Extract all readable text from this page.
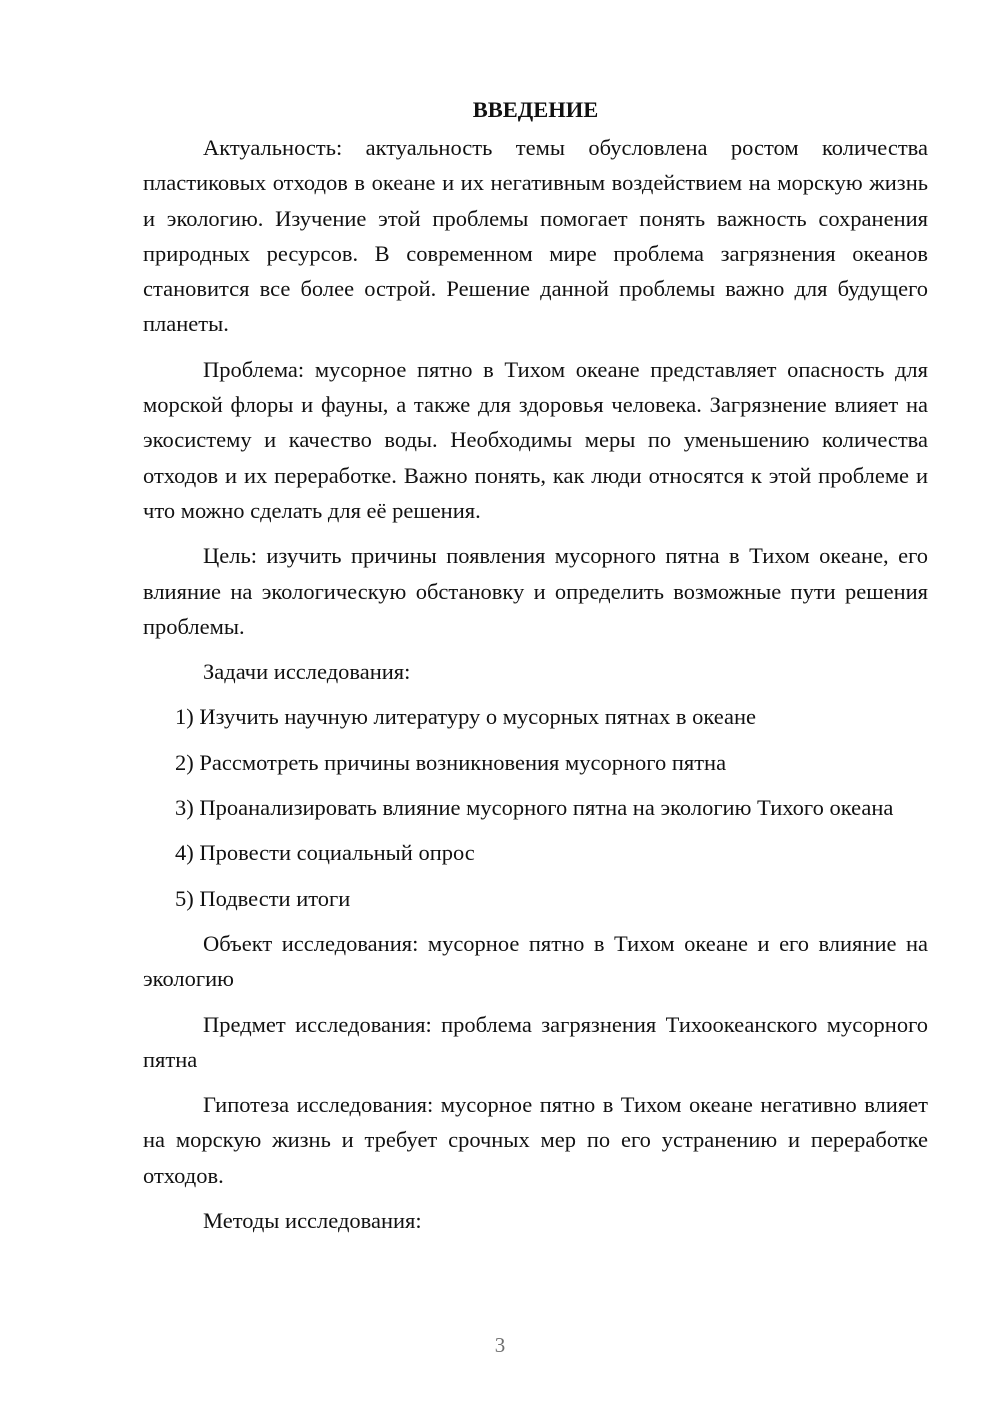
ВВЕДЕНИЕ

Актуальность: актуальность темы обусловлена ростом количества пластиковых отходов в океане и их негативным воздействием на морскую жизнь и экологию. Изучение этой проблемы помогает понять важность сохранения природных ресурсов. В современном мире проблема загрязнения океанов становится все более острой. Решение данной проблемы важно для будущего планеты.

Проблема: мусорное пятно в Тихом океане представляет опасность для морской флоры и фауны, а также для здоровья человека. Загрязнение влияет на экосистему и качество воды. Необходимы меры по уменьшению количества отходов и их переработке. Важно понять, как люди относятся к этой проблеме и что можно сделать для её решения.

Цель: изучить причины появления мусорного пятна в Тихом океане, его влияние на экологическую обстановку и определить возможные пути решения проблемы.

Задачи исследования:

1) Изучить научную литературу о мусорных пятнах в океане

2) Рассмотреть причины возникновения мусорного пятна

3) Проанализировать влияние мусорного пятна на экологию Тихого океана

4) Провести социальный опрос

5) Подвести итоги

Объект исследования: мусорное пятно в Тихом океане и его влияние на экологию

Предмет исследования: проблема загрязнения Тихоокеанского мусорного пятна

Гипотеза исследования: мусорное пятно в Тихом океане негативно влияет на морскую жизнь и требует срочных мер по его устранению и переработке отходов.

Методы исследования:

3
